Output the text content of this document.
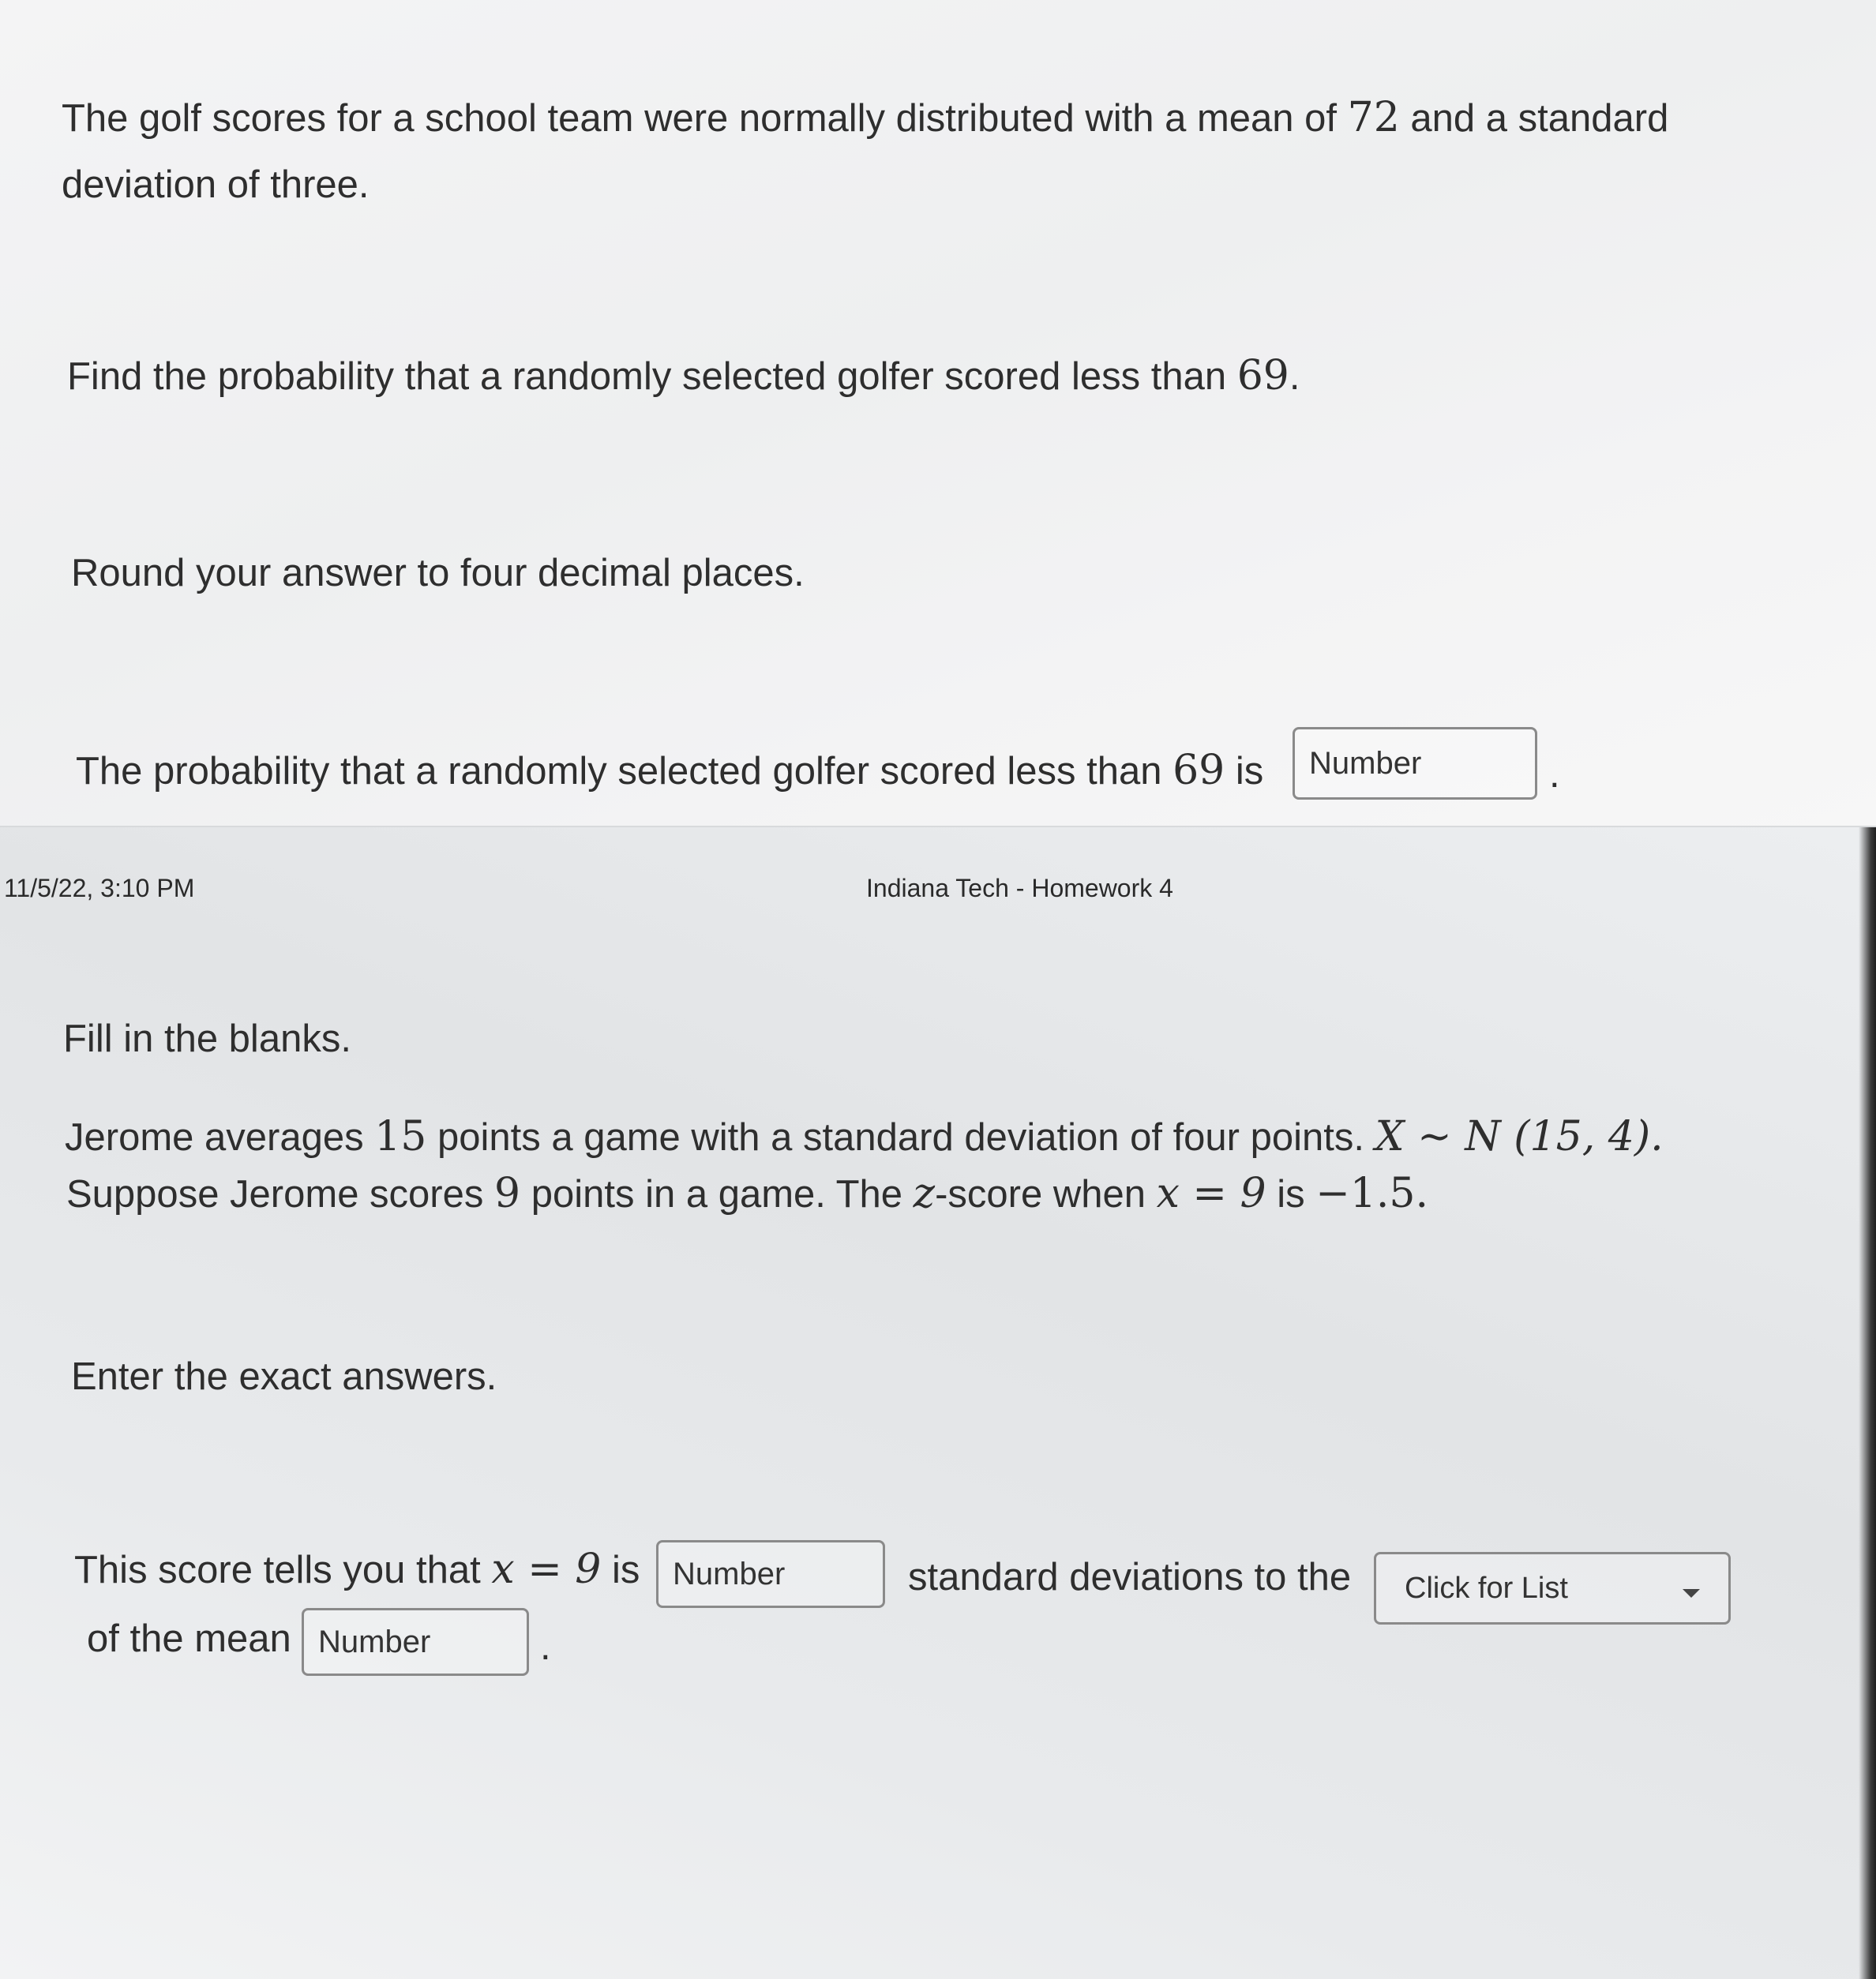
The golf scores for a school team were normally distributed with a mean of 72 and a standard
deviation of three.
Find the probability that a randomly selected golfer scored less than 69.
Round your answer to four decimal places.
The probability that a randomly selected golfer scored less than 69 is Number	.
11/5/22, 3:10 PM	Indiana Tech - Homework 4
Fill in the blanks.
Jerome averages 15 points a game with a standard deviation of four points. X ∼ N (15, 4).
Suppose Jerome scores 9 points in a game. The z-score when x = 9 is −1.5.
Enter the exact answers.
This score tells you that x = 9 is Number	standard deviations to the Click for List
of the mean Number	.
